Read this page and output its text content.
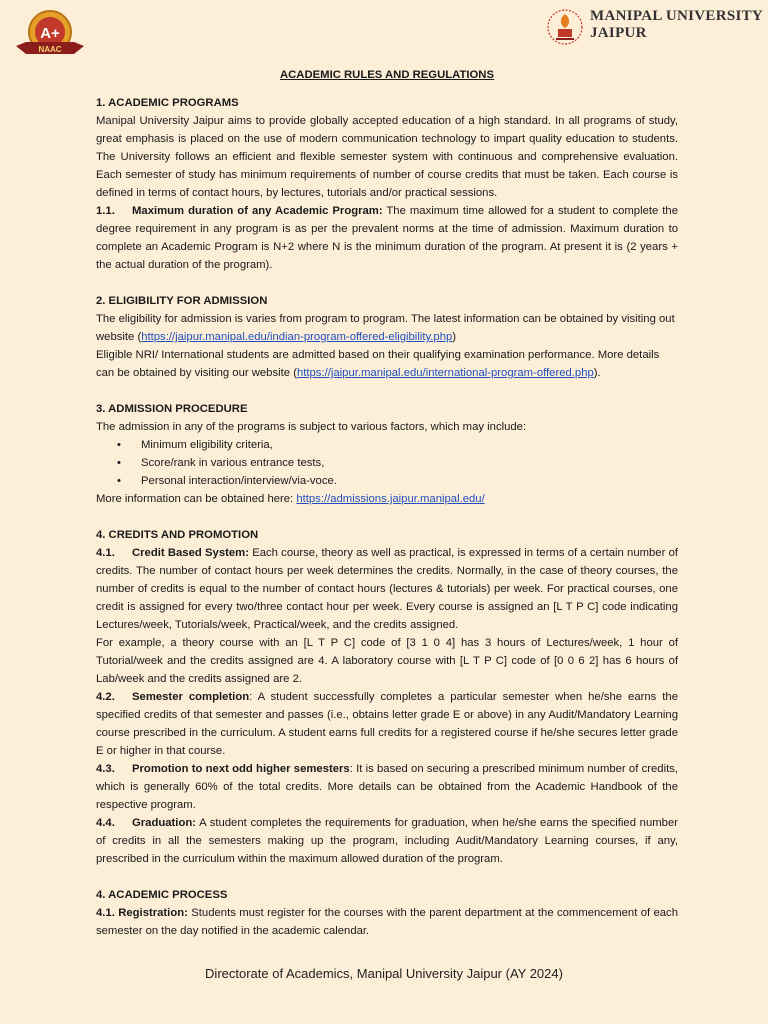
A+
NAAC
MANIPAL UNIVERSITY
JAIPUR

ACADEMIC RULES AND REGULATIONS

1. ACADEMIC PROGRAMS

Manipal University Jaipur aims to provide globally accepted education of a high standard. In all programs of study, great emphasis is placed on the use of modern communication technology to impart quality education to students. The University follows an efficient and flexible semester system with continuous and comprehensive evaluation. Each semester of study has minimum requirements of number of course credits that must be taken. Each course is defined in terms of contact hours, by lectures, tutorials and/or practical sessions.

1.1. Maximum duration of any Academic Program: The maximum time allowed for a student to complete the degree requirement in any program is as per the prevalent norms at the time of admission. Maximum duration to complete an Academic Program is N+2 where N is the minimum duration of the program. At present it is (2 years + the actual duration of the program).

2. ELIGIBILITY FOR ADMISSION

The eligibility for admission is varies from program to program. The latest information can be obtained by visiting out website (https://jaipur.manipal.edu/indian-program-offered-eligibility.php)

Eligible NRI/ International students are admitted based on their qualifying examination performance. More details can be obtained by visiting our website (https://jaipur.manipal.edu/international-program-offered.php).

3. ADMISSION PROCEDURE

The admission in any of the programs is subject to various factors, which may include:

• Minimum eligibility criteria,
• Score/rank in various entrance tests,
• Personal interaction/interview/via-voce.

More information can be obtained here: https://admissions.jaipur.manipal.edu/

4. CREDITS AND PROMOTION

4.1. Credit Based System: Each course, theory as well as practical, is expressed in terms of a certain number of credits. The number of contact hours per week determines the credits. Normally, in the case of theory courses, the number of credits is equal to the number of contact hours (lectures & tutorials) per week. For practical courses, one credit is assigned for every two/three contact hour per week. Every course is assigned an [L T P C] code indicating Lectures/week, Tutorials/week, Practical/week, and the credits assigned.

For example, a theory course with an [L T P C] code of [3 1 0 4] has 3 hours of Lectures/week, 1 hour of Tutorial/week and the credits assigned are 4. A laboratory course with [L T P C] code of [0 0 6 2] has 6 hours of Lab/week and the credits assigned are 2.

4.2. Semester completion: A student successfully completes a particular semester when he/she earns the specified credits of that semester and passes (i.e., obtains letter grade E or above) in any Audit/Mandatory Learning course prescribed in the curriculum. A student earns full credits for a registered course if he/she secures letter grade E or higher in that course.

4.3. Promotion to next odd higher semesters: It is based on securing a prescribed minimum number of credits, which is generally 60% of the total credits. More details can be obtained from the Academic Handbook of the respective program.

4.4. Graduation: A student completes the requirements for graduation, when he/she earns the specified number of credits in all the semesters making up the program, including Audit/Mandatory Learning courses, if any, prescribed in the curriculum within the maximum allowed duration of the program.

4. ACADEMIC PROCESS

4.1. Registration: Students must register for the courses with the parent department at the commencement of each semester on the day notified in the academic calendar.

Directorate of Academics, Manipal University Jaipur (AY 2024)
